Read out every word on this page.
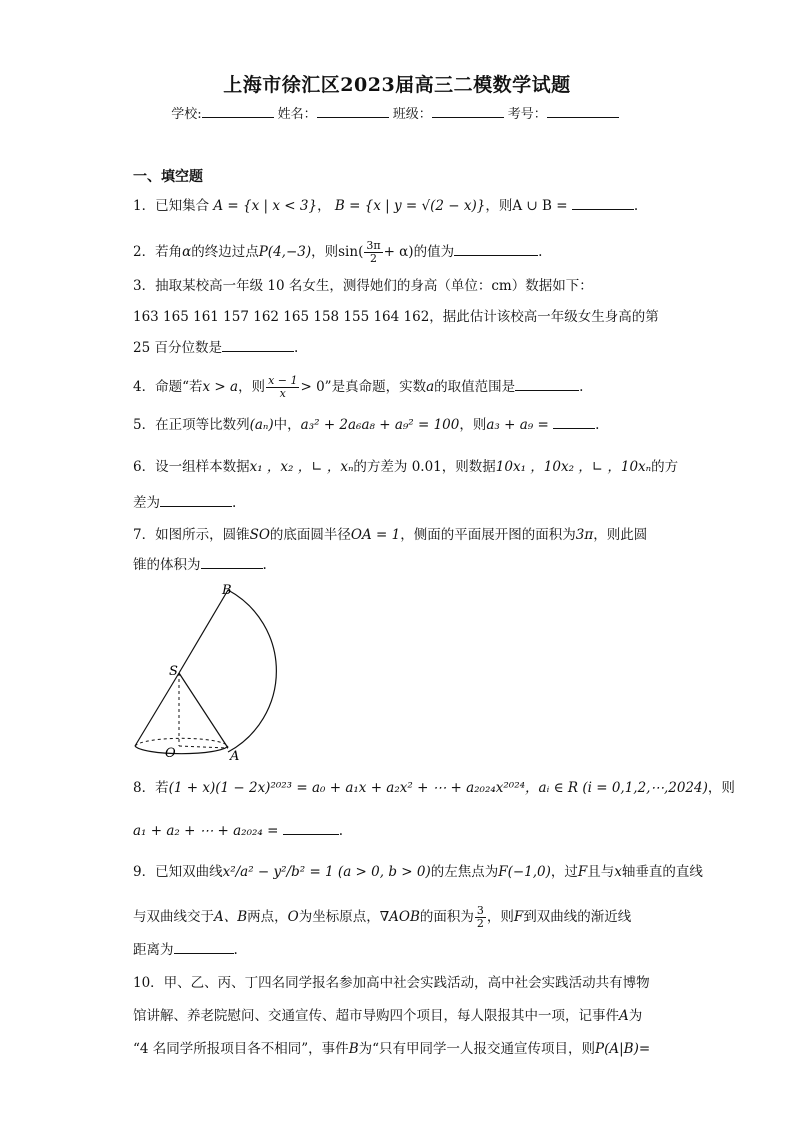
上海市徐汇区2023届高三二模数学试题
学校:	姓名：	班级：	考号：
一、填空题
1．已知集合 A = {x | x < 3}， B = {x | y = √(2 − x)}，则A ∪ B =	.
2．若角α的终边过点P(4,−3)，则$\sin( \frac{3\pi}{2} + \alpha)$的值为	.
3．抽取某校高一年级 10 名女生，测得她们的身高（单位：cm）数据如下：
163 165 161 157 162 165 158 155 164 162，据此估计该校高一年级女生身高的第
25 百分位数是	.
4．命题“若x > a，则 $\frac{x - 1}{x} > 0$”是真命题，实数a的取值范围是	.
5．在正项等比数列(aₙ)中，a₃² + 2a₆a₈ + a₉² = 100，则a₃ + a₉ =	.
6．设一组样本数据x₁ ，x₂ ，∟ ，xₙ的方差为 0.01，则数据10x₁ ，10x₂ ，∟ ，10xₙ的方
差为	.
7．如图所示，圆锥SO的底面圆半径OA = 1，侧面的平面展开图的面积为3π，则此圆
锥的体积为	.
B
S
O	A
8．若(1 + x)(1 − 2x)²⁰²³ = a₀ + a₁x + a₂x² + ⋯ + a₂₀₂₄x²⁰²⁴，aᵢ ∈ R (i = 0,1,2,⋯,2024)，则
a₁ + a₂ + ⋯ + a₂₀₂₄ =	.
9．已知双曲线x²/a² − y²/b² = 1 (a > 0, b > 0)的左焦点为F(−1,0)，过F且与x轴垂直的直线
与双曲线交于A、B两点，O为坐标原点，∇AOB的面积为 $\frac{3}{2}$ ，则F到双曲线的渐近线
距离为	.
10．甲、乙、丙、丁四名同学报名参加高中社会实践活动，高中社会实践活动共有博物
馆讲解、养老院慰问、交通宣传、超市导购四个项目，每人限报其中一项，记事件A为
“4 名同学所报项目各不相同”，事件B为“只有甲同学一人报交通宣传项目，则P(A|B)=
